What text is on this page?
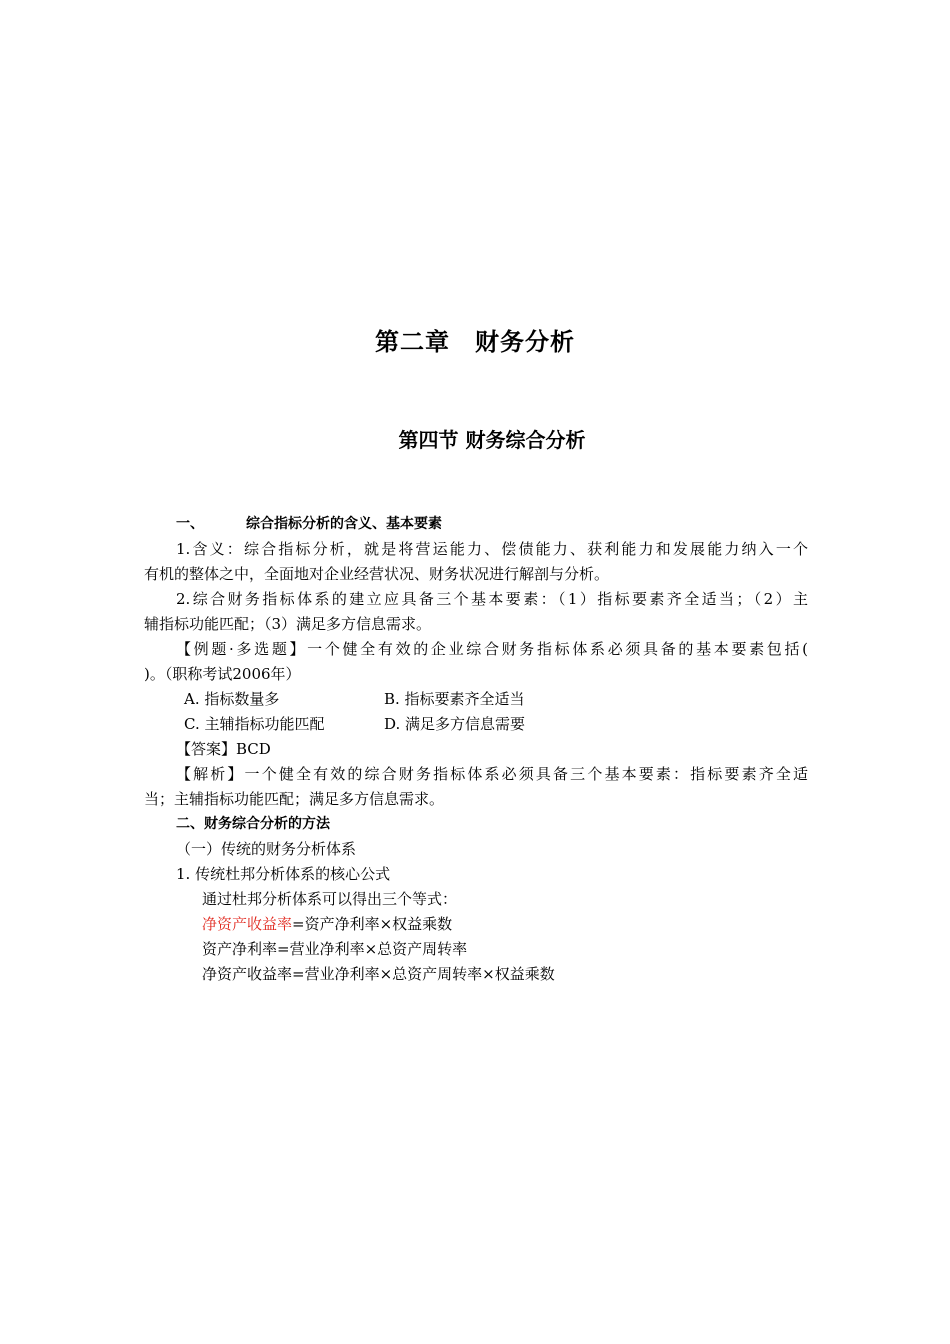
第二章　财务分析
第四节 财务综合分析
一、	综合指标分析的含义、基本要素
1.含义：综合指标分析，就是将营运能力、偿债能力、获利能力和发展能力纳入一个
有机的整体之中，全面地对企业经营状况、财务状况进行解剖与分析。
2.综合财务指标体系的建立应具备三个基本要素：（1）指标要素齐全适当；（2）主
辅指标功能匹配；（3）满足多方信息需求。
【例题·多选题】一个健全有效的企业综合财务指标体系必须具备的基本要素包括(
)。（职称考试2006年）
A. 指标数量多	B. 指标要素齐全适当
C. 主辅指标功能匹配	D. 满足多方信息需要
【答案】BCD
【解析】一个健全有效的综合财务指标体系必须具备三个基本要素：指标要素齐全适
当；主辅指标功能匹配；满足多方信息需求。
二、财务综合分析的方法
（一）传统的财务分析体系
1. 传统杜邦分析体系的核心公式
通过杜邦分析体系可以得出三个等式：
净资产收益率=资产净利率×权益乘数
资产净利率=营业净利率×总资产周转率
净资产收益率=营业净利率×总资产周转率×权益乘数
